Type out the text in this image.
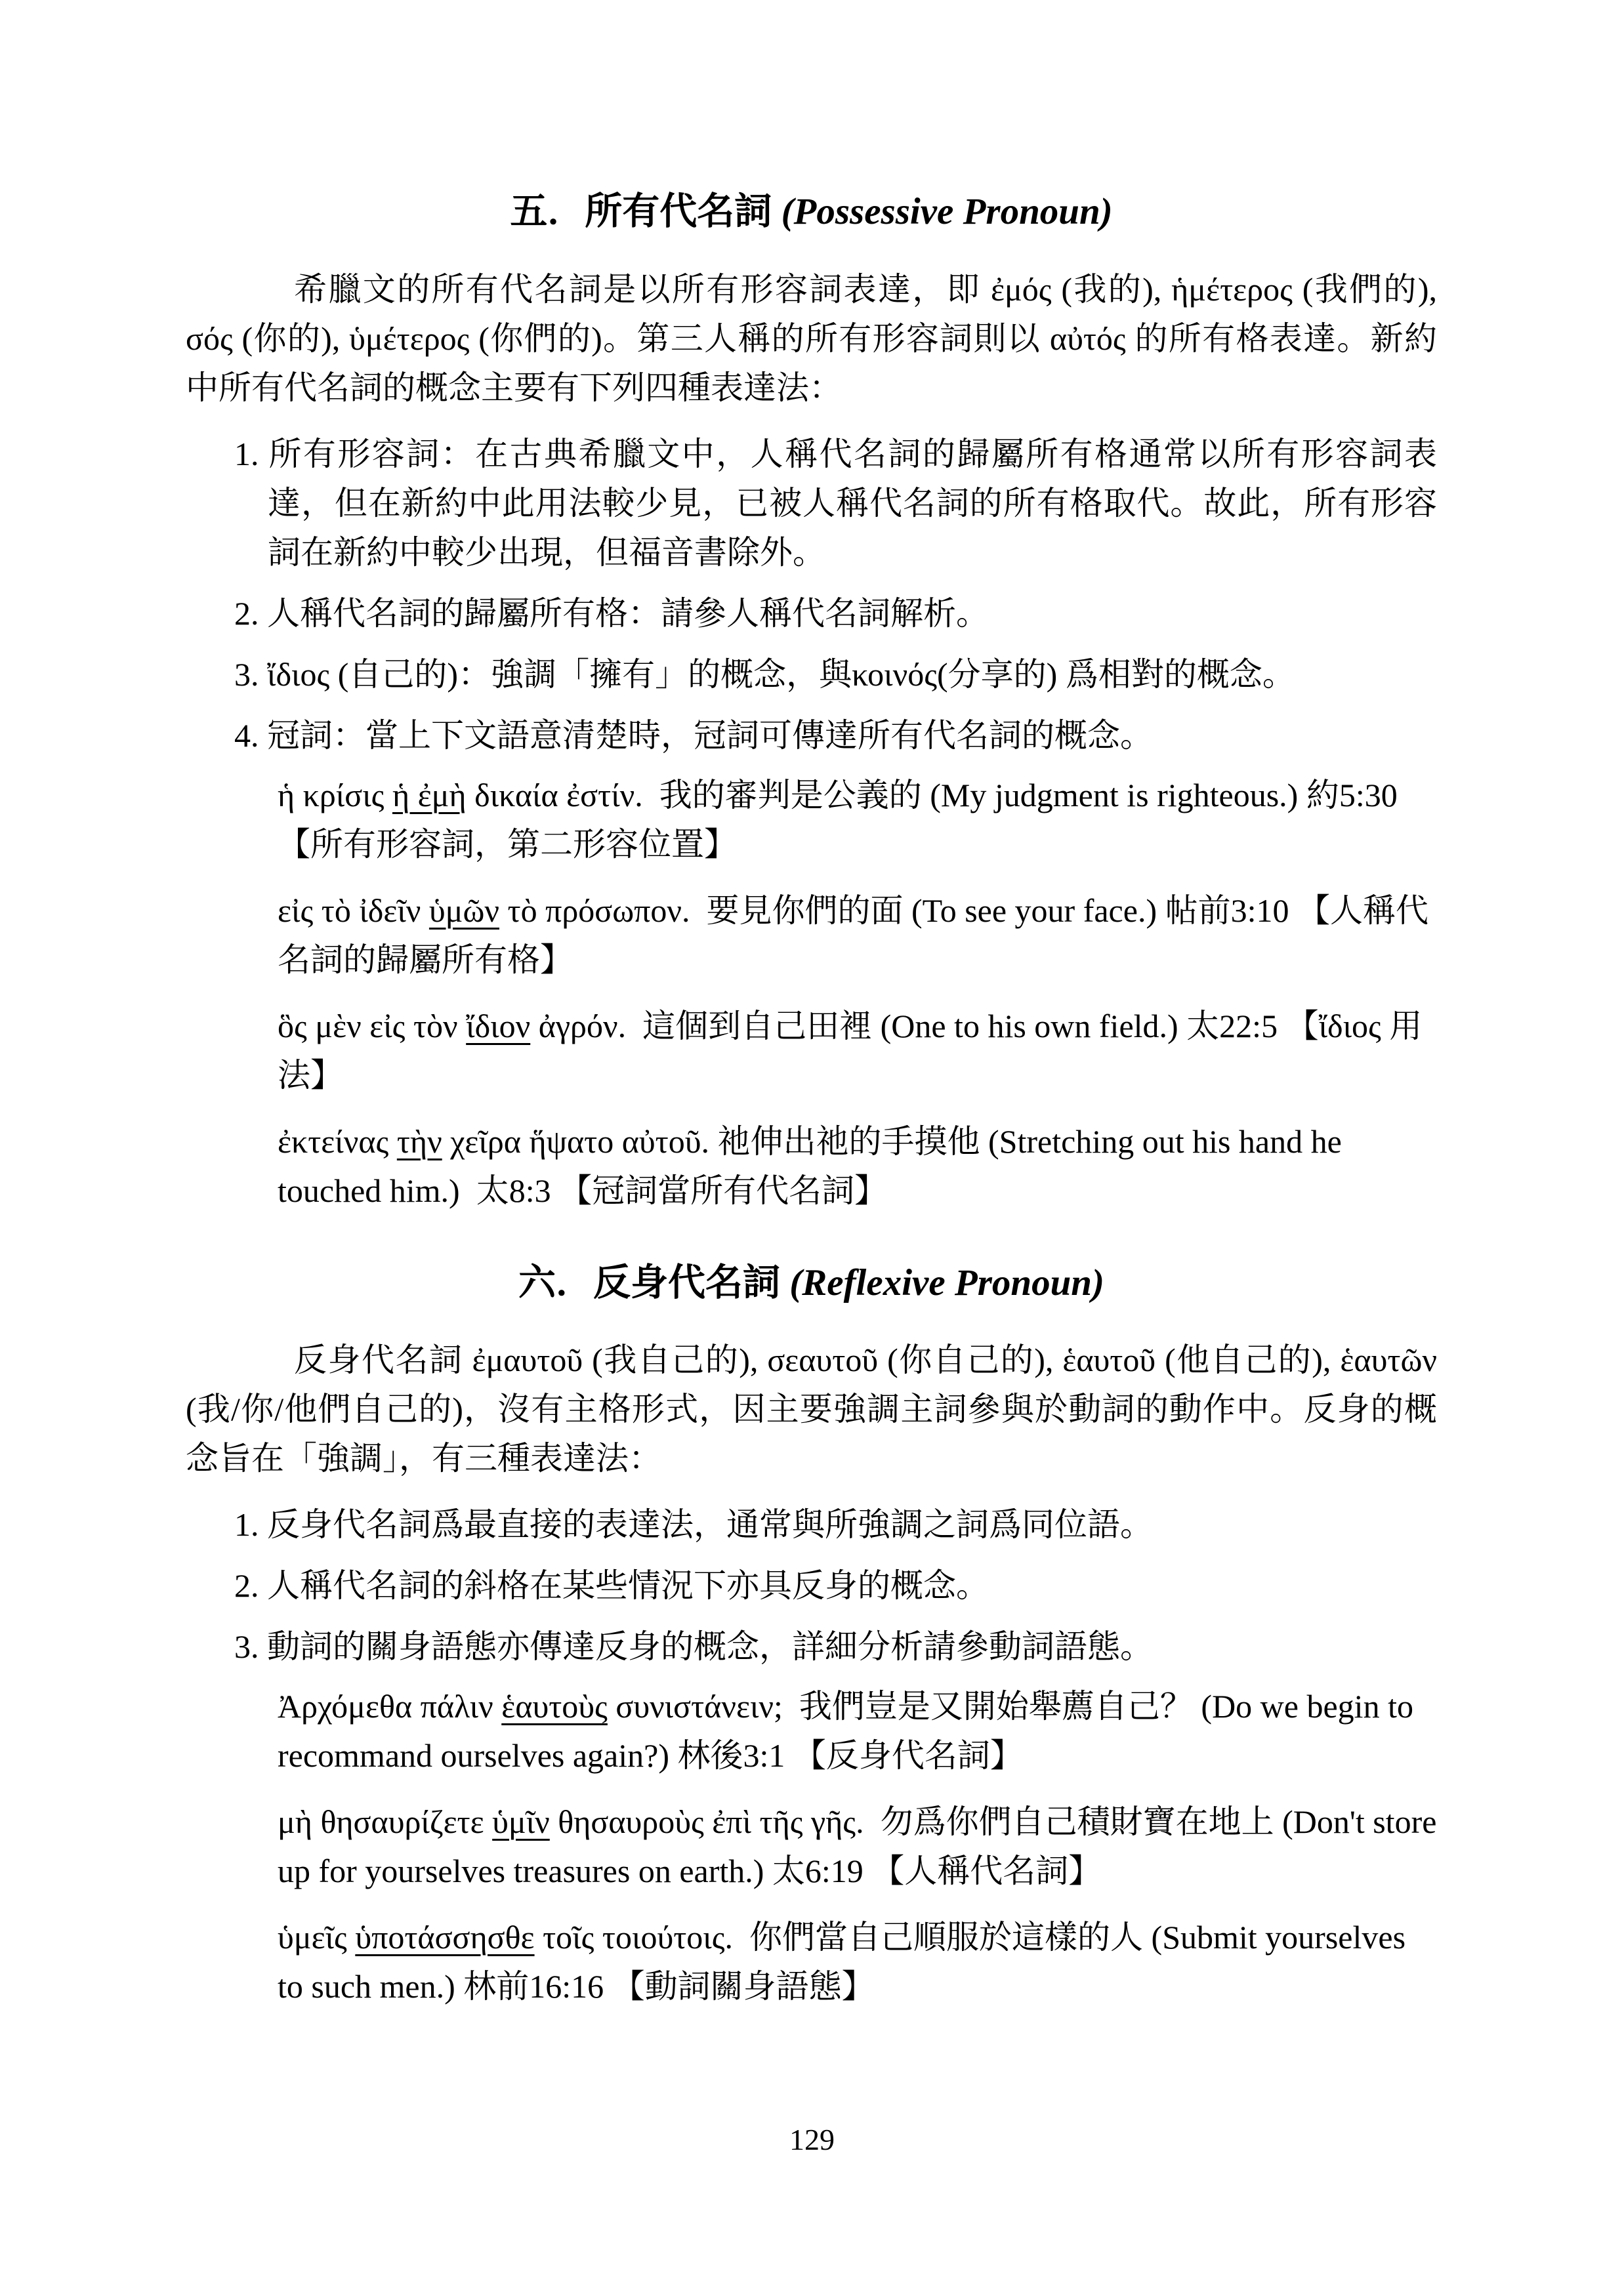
五．所有代名詞 (Possessive Pronoun)

希臘文的所有代名詞是以所有形容詞表達，即 ἐμός (我的), ἡμέτερος (我們的), σός (你的), ὑμέτερος (你們的)。第三人稱的所有形容詞則以 αὐτός 的所有格表達。新約中所有代名詞的概念主要有下列四種表達法：

1. 所有形容詞：在古典希臘文中，人稱代名詞的歸屬所有格通常以所有形容詞表達，但在新約中此用法較少見，已被人稱代名詞的所有格取代。故此，所有形容詞在新約中較少出現，但福音書除外。

2. 人稱代名詞的歸屬所有格：請參人稱代名詞解析。

3. ἴδιος (自己的)：強調「擁有」的概念，與κοινός(分享的) 爲相對的概念。

4. 冠詞：當上下文語意清楚時，冠詞可傳達所有代名詞的概念。

ἡ κρίσις ἡ ἐμὴ δικαία ἐστίν.  我的審判是公義的 (My judgment is righteous.) 約5:30 【所有形容詞，第二形容位置】

εἰς τὸ ἰδεῖν ὑμῶν τὸ πρόσωπον.  要見你們的面 (To see your face.) 帖前3:10 【人稱代名詞的歸屬所有格】

ὃς μὲν εἰς τὸν ἴδιον ἀγρόν.  這個到自己田裡 (One to his own field.) 太22:5 【ἴδιος 用法】

ἐκτείνας τὴν χεῖρα ἥψατο αὐτοῦ. 祂伸出祂的手摸他 (Stretching out his hand he touched him.)  太8:3 【冠詞當所有代名詞】

六．反身代名詞 (Reflexive Pronoun)

反身代名詞 ἐμαυτοῦ (我自己的), σεαυτοῦ (你自己的), ἑαυτοῦ (他自己的), ἑαυτῶν (我/你/他們自己的)，沒有主格形式，因主要強調主詞參與於動詞的動作中。反身的概念旨在「強調」，有三種表達法：

1. 反身代名詞爲最直接的表達法，通常與所強調之詞爲同位語。

2. 人稱代名詞的斜格在某些情況下亦具反身的概念。

3. 動詞的關身語態亦傳達反身的概念，詳細分析請參動詞語態。

Ἀρχόμεθα πάλιν ἑαυτοὺς συνιστάνειν;  我們豈是又開始舉薦自己？ (Do we begin to recommand ourselves again?) 林後3:1 【反身代名詞】

μὴ θησαυρίζετε ὑμῖν θησαυροὺς ἐπὶ τῆς γῆς.  勿爲你們自己積財寶在地上 (Don't store up for yourselves treasures on earth.) 太6:19 【人稱代名詞】

ὑμεῖς ὑποτάσσησθε τοῖς τοιούτοις.  你們當自己順服於這樣的人 (Submit yourselves to such men.) 林前16:16 【動詞關身語態】

129
